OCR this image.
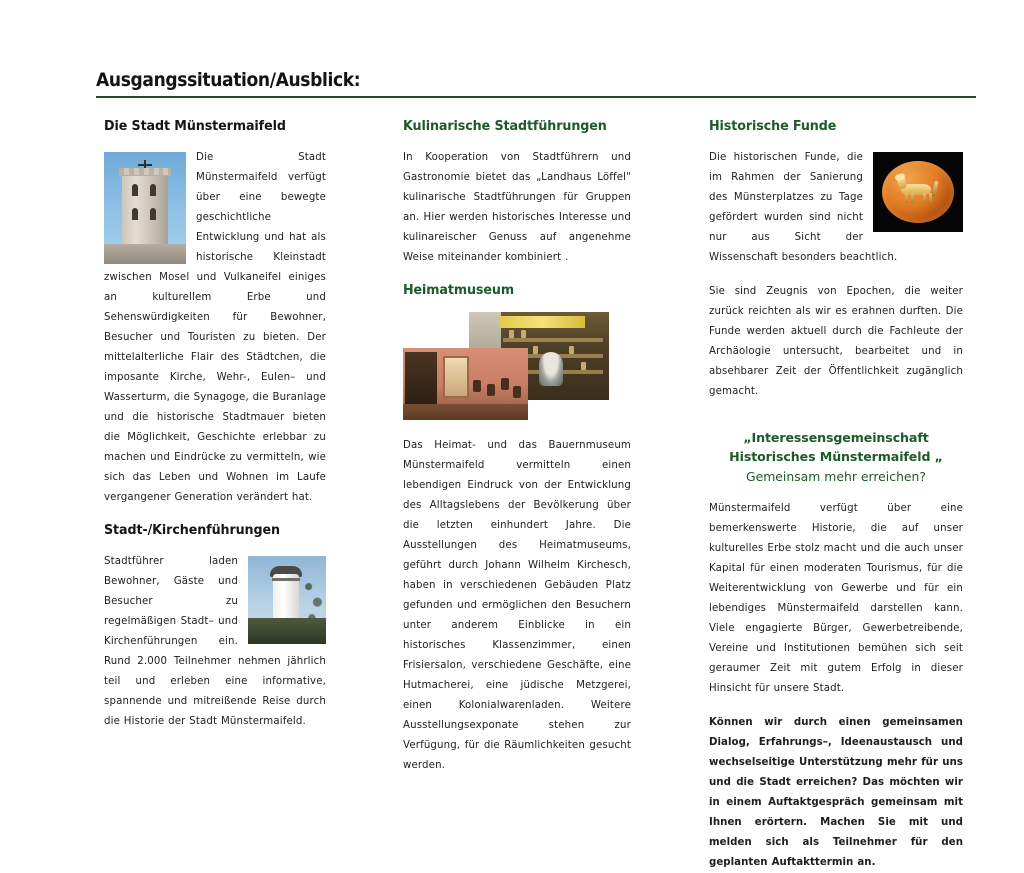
Ausgangssituation/Ausblick:
Die Stadt Münstermaifeld

Die Stadt Münstermaifeld verfügt über eine bewegte geschichtliche Entwicklung und hat als historische Kleinstadt zwischen Mosel und Vulkaneifel einiges an kulturellem Erbe und Sehenswürdigkeiten für Bewohner, Besucher und Touristen zu bieten. Der mittelalterliche Flair des Städtchen, die imposante Kirche, Wehr-, Eulen– und Wasserturm, die Synagoge, die Buranlage und die historische Stadtmauer bieten die Möglichkeit, Geschichte erlebbar zu machen und Eindrücke zu vermitteln, wie sich das Leben und Wohnen im Laufe vergangener Generation verändert hat.

Stadt-/Kirchenführungen

Stadtführer laden Bewohner, Gäste und Besucher zu regelmäßigen Stadt– und Kirchenführungen ein. Rund 2.000 Teilnehmer nehmen jährlich teil und erleben eine informative, spannende und mitreißende Reise durch die Historie der Stadt Münstermaifeld.

Kulinarische Stadtführungen

In Kooperation von Stadtführern und Gastronomie bietet das „Landhaus Löffel" kulinarische Stadtführungen für Gruppen an. Hier werden historisches Interesse und kulinareischer Genuss auf angenehme Weise miteinander kombiniert .

Heimatmuseum

Das Heimat- und das Bauernmuseum Münstermaifeld vermitteln einen lebendigen Eindruck von der Entwicklung des Alltagslebens der Bevölkerung über die letzten einhundert Jahre. Die Ausstellungen des Heimatmuseums, geführt durch Johann Wilhelm Kirchesch, haben in verschiedenen Gebäuden Platz gefunden und ermöglichen den Besuchern unter anderem Einblicke in ein historisches Klassenzimmer, einen Frisiersalon, verschiedene Geschäfte, eine Hutmacherei, eine jüdische Metzgerei, einen Kolonialwarenladen. Weitere Ausstellungsexponate stehen zur Verfügung, für die Räumlichkeiten gesucht werden.

Historische Funde

Die historischen Funde, die im Rahmen der Sanierung des Münsterplatzes zu Tage gefördert wurden sind nicht nur aus Sicht der Wissenschaft besonders beachtlich.

Sie sind Zeugnis von Epochen, die weiter zurück reichten als wir es erahnen durften. Die Funde werden aktuell durch die Fachleute der Archäologie untersucht, bearbeitet und in absehbarer Zeit der Öffentlichkeit zugänglich gemacht.

„Interessensgemeinschaft
Historisches Münstermaifeld „
Gemeinsam mehr erreichen?

Münstermaifeld verfügt über eine bemerkenswerte Historie, die auf unser kulturelles Erbe stolz macht und die auch unser Kapital für einen moderaten Tourismus, für die Weiterentwicklung von Gewerbe und für ein lebendiges Münstermaifeld darstellen kann. Viele engagierte Bürger, Gewerbetreibende, Vereine und Institutionen bemühen sich seit geraumer Zeit mit gutem Erfolg in dieser Hinsicht für unsere Stadt.

Können wir durch einen gemeinsamen Dialog, Erfahrungs–, Ideenaustausch und wechselseitige Unterstützung mehr für uns und die Stadt erreichen? Das möchten wir in einem Auftaktgespräch gemeinsam mit Ihnen erörtern. Machen Sie mit und melden sich als Teilnehmer für den geplanten Auftakttermin an.
